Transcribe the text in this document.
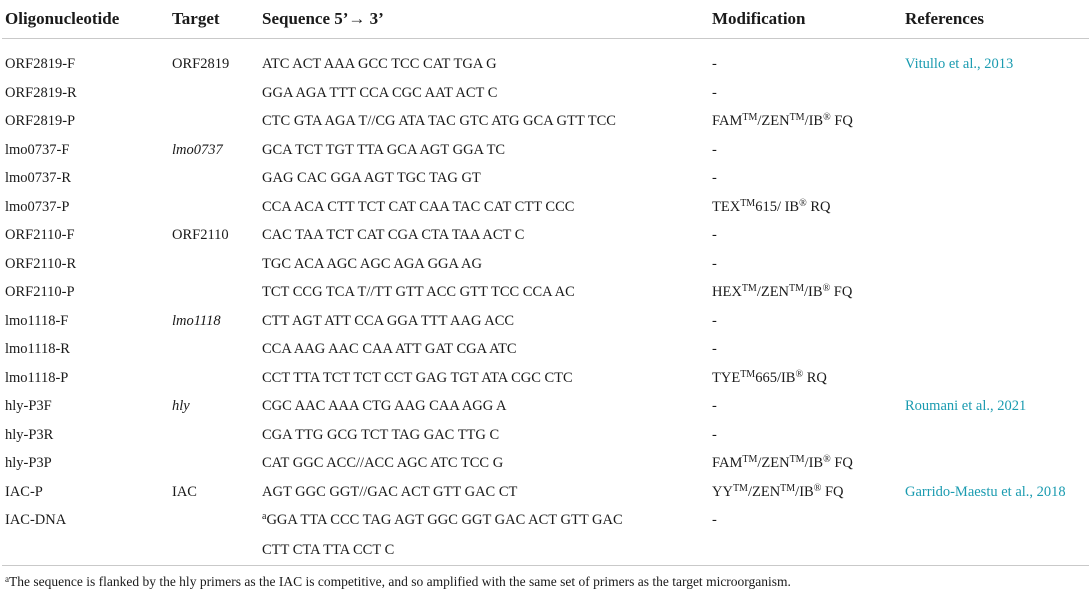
Oligonucleotide	Target	Sequence 5’→ 3’	Modification	References
ORF2819-F	ORF2819	ATC ACT AAA GCC TCC CAT TGA G	-	Vitullo et al., 2013
ORF2819-R		GGA AGA TTT CCA CGC AAT ACT C	-	
ORF2819-P		CTC GTA AGA T//CG ATA TAC GTC ATG GCA GTT TCC	FAM™/ZEN™/IB® FQ	
lmo0737-F	lmo0737	GCA TCT TGT TTA GCA AGT GGA TC	-	
lmo0737-R		GAG CAC GGA AGT TGC TAG GT	-	
lmo0737-P		CCA ACA CTT TCT CAT CAA TAC CAT CTT CCC	TEX™615/ IB® RQ	
ORF2110-F	ORF2110	CAC TAA TCT CAT CGA CTA TAA ACT C	-	
ORF2110-R		TGC ACA AGC AGC AGA GGA AG	-	
ORF2110-P		TCT CCG TCA T//TT GTT ACC GTT TCC CCA AC	HEX™/ZEN™/IB® FQ	
lmo1118-F	lmo1118	CTT AGT ATT CCA GGA TTT AAG ACC	-	
lmo1118-R		CCA AAG AAC CAA ATT GAT CGA ATC	-	
lmo1118-P		CCT TTA TCT TCT CCT GAG TGT ATA CGC CTC	TYE™665/IB® RQ	
hly-P3F	hly	CGC AAC AAA CTG AAG CAA AGG A	-	Roumani et al., 2021
hly-P3R		CGA TTG GCG TCT TAG GAC TTG C	-	
hly-P3P		CAT GGC ACC//ACC AGC ATC TCC G	FAM™/ZEN™/IB® FQ	
IAC-P	IAC	AGT GGC GGT//GAC ACT GTT GAC CT	YY™/ZEN™/IB® FQ	Garrido-Maestu et al., 2018
IAC-DNA		$^a$GGA TTA CCC TAG AGT GGC GGT GAC ACT GTT GAC	-	
		CTT CTA TTA CCT C		
$^a$The sequence is flanked by the hly primers as the IAC is competitive, and so amplified with the same set of primers as the target microorganism.
